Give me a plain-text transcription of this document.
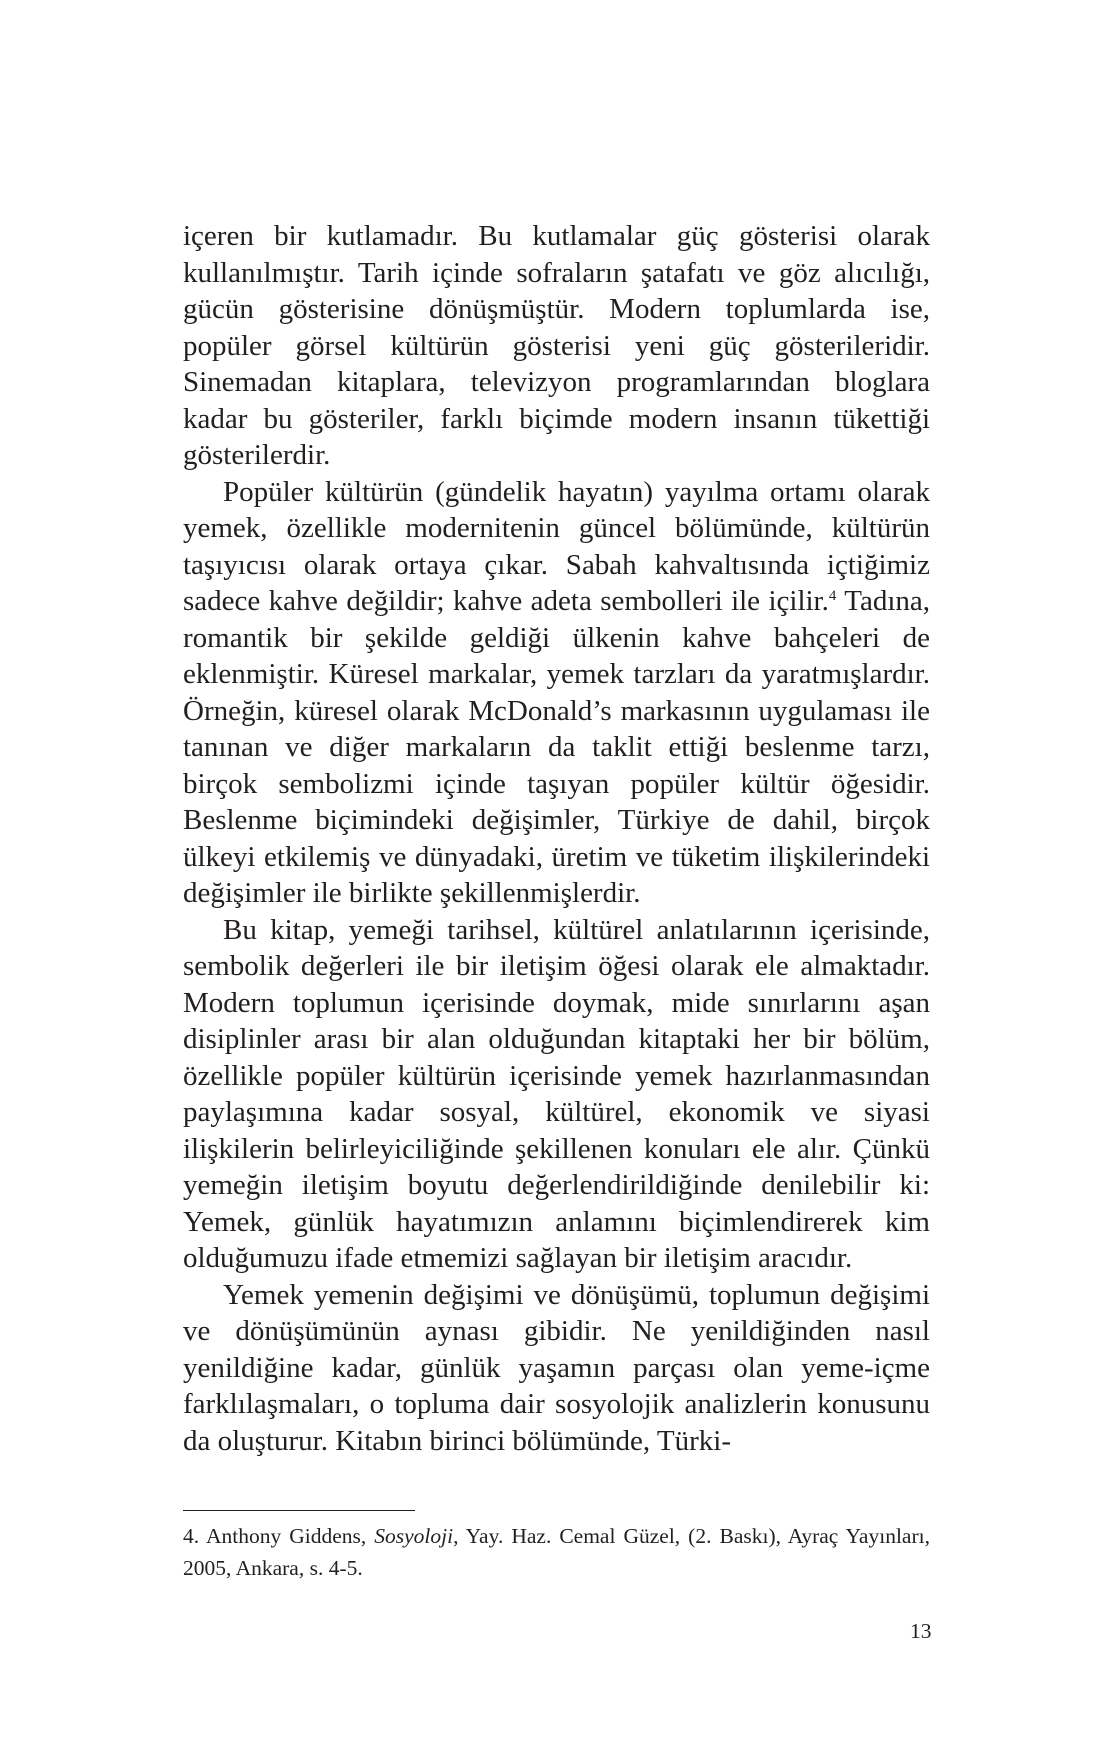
içeren bir kutlamadır. Bu kutlamalar güç gösterisi olarak kullanılmıştır. Tarih içinde sofraların şatafatı ve göz alıcılığı, gücün gösterisine dönüşmüştür. Modern toplumlarda ise, popüler görsel kültürün gösterisi yeni güç gösterileridir. Sinemadan kitaplara, televizyon programlarından bloglara kadar bu gösteriler, farklı biçimde modern insanın tükettiği gösterilerdir.

Popüler kültürün (gündelik hayatın) yayılma ortamı olarak yemek, özellikle modernitenin güncel bölümünde, kültürün taşıyıcısı olarak ortaya çıkar. Sabah kahvaltısında içtiğimiz sadece kahve değildir; kahve adeta sembolleri ile içilir.$^4$ Tadına, romantik bir şekilde geldiği ülkenin kahve bahçeleri de eklenmiştir. Küresel markalar, yemek tarzları da yaratmışlardır. Örneğin, küresel olarak McDonald’s markasının uygulaması ile tanınan ve diğer markaların da taklit ettiği beslenme tarzı, birçok sembolizmi içinde taşıyan popüler kültür öğesidir. Beslenme biçimindeki değişimler, Türkiye de dahil, birçok ülkeyi etkilemiş ve dünyadaki, üretim ve tüketim ilişkilerindeki değişimler ile birlikte şekillenmişlerdir.

Bu kitap, yemeği tarihsel, kültürel anlatılarının içerisinde, sembolik değerleri ile bir iletişim öğesi olarak ele almaktadır. Modern toplumun içerisinde doymak, mide sınırlarını aşan disiplinler arası bir alan olduğundan kitaptaki her bir bölüm, özellikle popüler kültürün içerisinde yemek hazırlanmasından paylaşımına kadar sosyal, kültürel, ekonomik ve siyasi ilişkilerin belirleyiciliğinde şekillenen konuları ele alır. Çünkü yemeğin iletişim boyutu değerlendirildiğinde denilebilir ki: Yemek, günlük hayatımızın anlamını biçimlendirerek kim olduğumuzu ifade etmemizi sağlayan bir iletişim aracıdır.

Yemek yemenin değişimi ve dönüşümü, toplumun değişimi ve dönüşümünün aynası gibidir. Ne yenildiğinden nasıl yenildiğine kadar, günlük yaşamın parçası olan yeme-içme farklılaşmaları, o topluma dair sosyolojik analizlerin konusunu da oluşturur. Kitabın birinci bölümünde, Türki-

4. Anthony Giddens, Sosyoloji, Yay. Haz. Cemal Güzel, (2. Baskı), Ayraç Yayınları, 2005, Ankara, s. 4-5.

13
